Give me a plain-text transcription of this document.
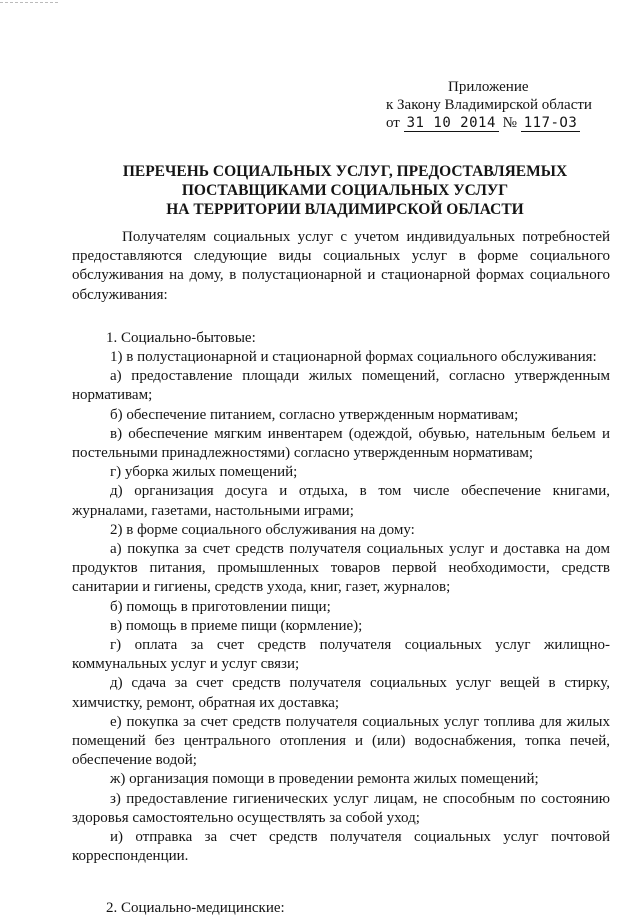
Приложение
к Закону Владимирской области
от 31 10 2014 № 117-ОЗ
ПЕРЕЧЕНЬ СОЦИАЛЬНЫХ УСЛУГ, ПРЕДОСТАВЛЯЕМЫХ
ПОСТАВЩИКАМИ СОЦИАЛЬНЫХ УСЛУГ
НА ТЕРРИТОРИИ ВЛАДИМИРСКОЙ ОБЛАСТИ

Получателям социальных услуг с учетом индивидуальных потребностей предоставляются следующие виды социальных услуг в форме социального обслуживания на дому, в полустационарной и стационарной формах социального обслуживания:

1. Социально-бытовые:

1) в полустационарной и стационарной формах социального обслуживания:

а) предоставление площади жилых помещений, согласно утвержденным нормативам;

б) обеспечение питанием, согласно утвержденным нормативам;

в) обеспечение мягким инвентарем (одеждой, обувью, нательным бельем и постельными принадлежностями) согласно утвержденным нормативам;

г) уборка жилых помещений;

д) организация досуга и отдыха, в том числе обеспечение книгами, журналами, газетами, настольными играми;

2) в форме социального обслуживания на дому:

а) покупка за счет средств получателя социальных услуг и доставка на дом продуктов питания, промышленных товаров первой необходимости, средств санитарии и гигиены, средств ухода, книг, газет, журналов;

б) помощь в приготовлении пищи;

в) помощь в приеме пищи (кормление);

г) оплата за счет средств получателя социальных услуг жилищно-коммунальных услуг и услуг связи;

д) сдача за счет средств получателя социальных услуг вещей в стирку, химчистку, ремонт, обратная их доставка;

е) покупка за счет средств получателя социальных услуг топлива для жилых помещений без центрального отопления и (или) водоснабжения, топка печей, обеспечение водой;

ж) организация помощи в проведении ремонта жилых помещений;

з) предоставление гигиенических услуг лицам, не способным по состоянию здоровья самостоятельно осуществлять за собой уход;

и) отправка за счет средств получателя социальных услуг почтовой корреспонденции.

2. Социально-медицинские:
